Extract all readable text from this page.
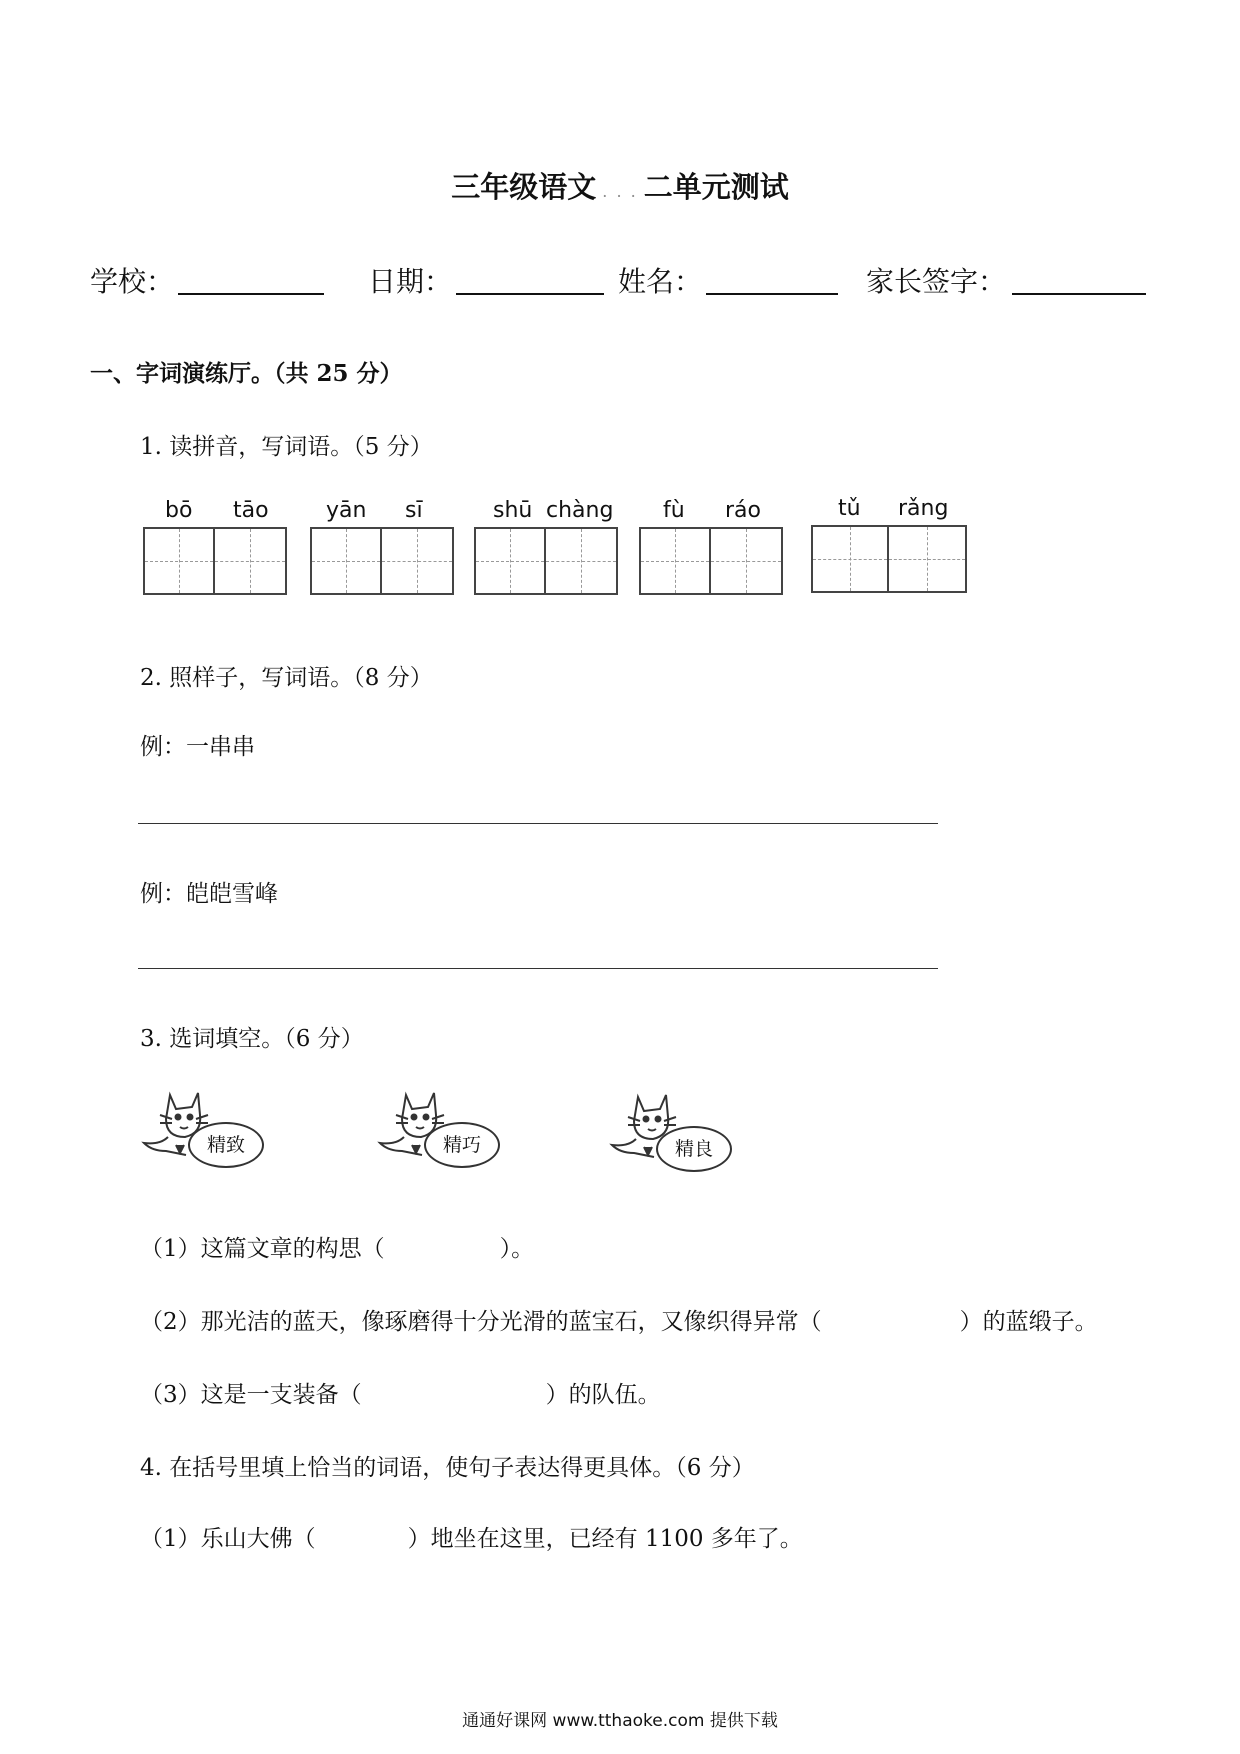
三年级语文 . . . 二单元测试
学校：	日期：	姓名：	家长签字：
一、字词演练厅。（共 25 分）
1. 读拼音，写词语。（5 分）
bō tāo	yān sī	shū chàng fù ráo	tǔ rǎng
2. 照样子，写词语。（8 分）
例：一串串
例：皑皑雪峰
3. 选词填空。（6 分）
精致	精巧	精良
（1）这篇文章的构思（　　　　　）。
（2）那光洁的蓝天，像琢磨得十分光滑的蓝宝石，又像织得异常（　　　　　　）的蓝缎子。
（3）这是一支装备（　　　　　　　　）的队伍。
4. 在括号里填上恰当的词语，使句子表达得更具体。（6 分）
（1）乐山大佛（　　　　）地坐在这里，已经有 1100 多年了。
通通好课网 www.tthaoke.com 提供下载
